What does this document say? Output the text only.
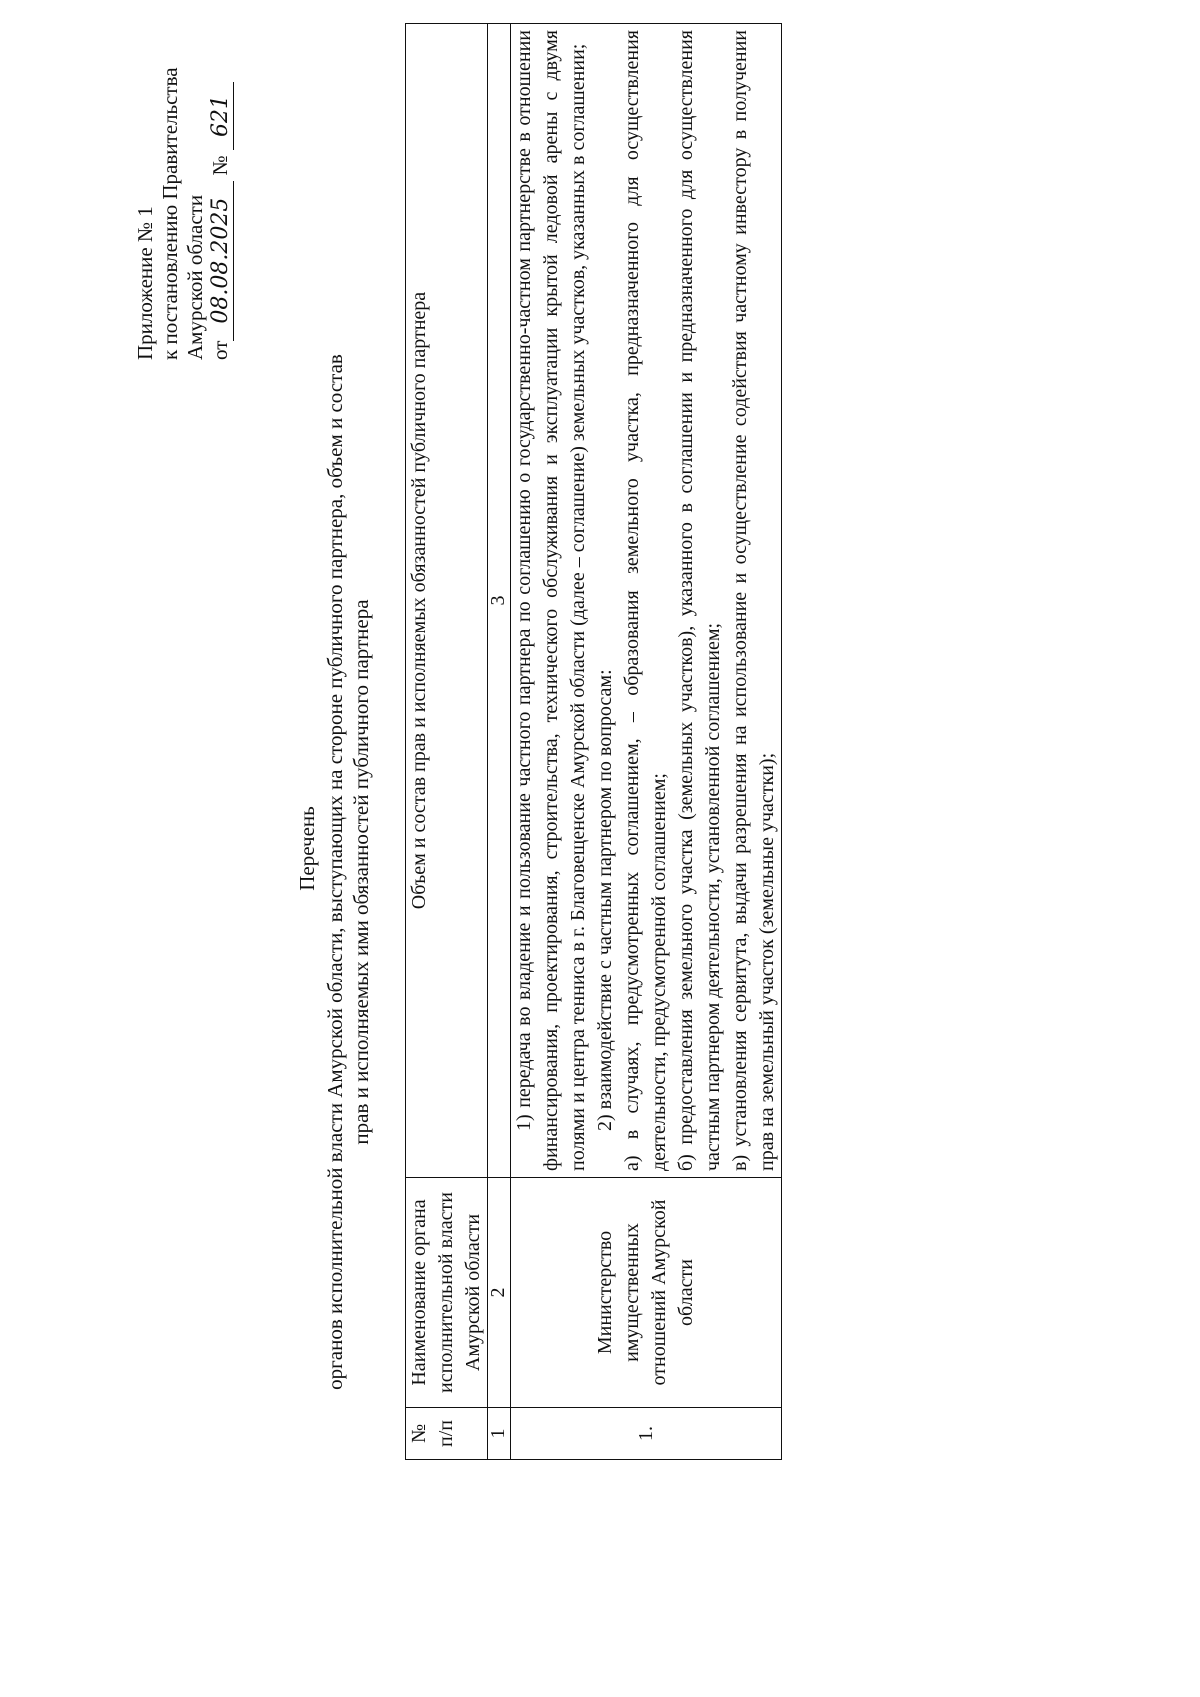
Приложение № 1 к постановлению Правительства Амурской области от08.08.2025 № 621
Перечень органов исполнительной власти Амурской области, выступающих на стороне публичного партнера, объем и состав прав и исполняемых ими обязанностей публичного партнера
№ п/п	Наименование органа исполнительной власти Амурской области	Объем и состав прав и исполняемых обязанностей публичного партнера
1	2	3
1.	Министерство имущественных отношений Амурской области	1) передача во владение и пользование частного партнера по соглашению о государственно-частном партнерстве в отношении финансирования, проектирования, строительства, технического обслуживания и эксплуатации крытой ледовой арены с двумя полями и центра тенниса в г. Благовещенске Амурской области (далее – соглашение) земельных участков, указанных в соглашении; 2) взаимодействие с частным партнером по вопросам: а) в случаях, предусмотренных соглашением, – образования земельного участка, предназначенного для осуществления деятельности, предусмотренной соглашением; б) предоставления земельного участка (земельных участков), указанного в соглашении и предназначенного для осуществления частным партнером деятельности, установленной соглашением; в) установления сервитута, выдачи разрешения на использование и осуществление содействия частному инвестору в получении прав на земельный участок (земельные участки);
